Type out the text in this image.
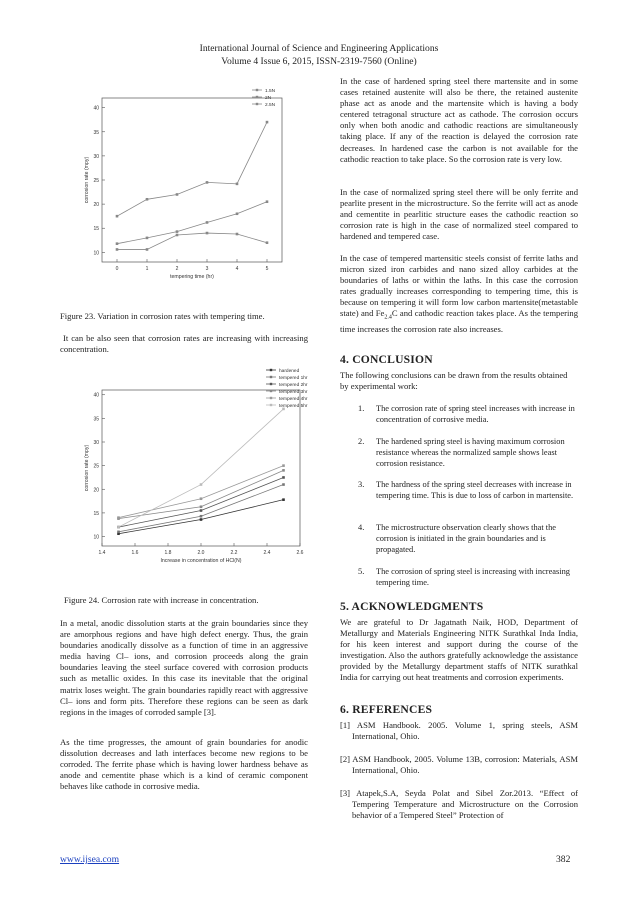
International Journal of Science and Engineering Applications
Volume 4 Issue 6, 2015, ISSN-2319-7560 (Online)
10
15
20
25
30
35
40
0	1	2	3	4	5
tempering time (hr)
corrosion rate (mpy)
1.5N
2N
2.5N
Figure 23. Variation in corrosion rates with tempering time.

It can be also seen that corrosion rates are increasing with increasing concentration.

10
15
20
25
30
35
40
1.4	1.6	1.8	2.0	2.2	2.4	2.6
Increase in concentration of HCl(N)
corrosion rate (mpy)
hardened
tempered 1hr
tempered 2hr
tempered 3hr
tempered 4hr
tempered 5hr
Figure 24. Corrosion rate with increase in concentration.

In a metal, anodic dissolution starts at the grain boundaries since they are amorphous regions and have high defect energy. Thus, the grain boundaries anodically dissolve as a function of time in an aggressive media having Cl– ions, and corrosion proceeds along the grain boundaries leaving the steel surface covered with corrosion products such as metallic oxides. In this case its inevitable that the original matrix loses weight. The grain boundaries rapidly react with aggressive Cl– ions and form pits. Therefore these regions can be seen as dark regions in the images of corroded sample [3].

As the time progresses, the amount of grain boundaries for anodic dissolution decreases and lath interfaces become new regions to be corroded. The ferrite phase which is having lower hardness behave as anode and cementite phase which is a kind of ceramic component behaves like cathode in corrosive media.

In the case of hardened spring steel there martensite and in some cases retained austenite will also be there, the retained austenite phase act as anode and the martensite which is having a body centered tetragonal structure act as cathode. The corrosion occurs only when both anodic and cathodic reactions are simultaneously taking place. If any of the reaction is delayed the corrosion rate decreases. In hardened case the carbon is not available for the cathodic reaction to take place. So the corrosion rate is very low.

In the case of normalized spring steel there will be only ferrite and pearlite present in the microstructure. So the ferrite will act as anode and cementite in pearlitic structure eases the cathodic reaction so corrosion rate is high in the case of normalized steel compared to hardened and tempered case.

In the case of tempered martensitic steels consist of ferrite laths and micron sized iron carbides and nano sized alloy carbides at the boundaries of laths or within the laths. In this case the corrosion rates gradually increases corresponding to tempering time, this is because on tempering it will form low carbon martensite(metastable state) and $Fe_{2.4}C$ and cathodic reaction takes place. As the tempering time increases the corrosion rate also increases.

4. CONCLUSION

The following conclusions can be drawn from the results obtained by experimental work:

1. The corrosion rate of spring steel increases with increase in concentration of corrosive media.
2. The hardened spring steel is having maximum corrosion resistance whereas the normalized sample shows least corrosion resistance.
3. The hardness of the spring steel decreases with increase in tempering time. This is due to loss of carbon in martensite.
4. The microstructure observation clearly shows that the corrosion is initiated in the grain boundaries and is propagated.
5. The corrosion of spring steel is increasing with increasing tempering time.
5. ACKNOWLEDGMENTS

We are grateful to Dr Jagatnath Naik, HOD, Department of Metallurgy and Materials Engineering NITK Surathkal Inda India, for his keen interest and support during the course of the investigation. Also the authors gratefully acknowledge the assistance provided by the Metallurgy department staffs of NITK surathkal India for carrying out heat treatments and corrosion experiments.

6. REFERENCES
[1] ASM Handbook. 2005. Volume 1, spring steels, ASM International, Ohio.
[2] ASM Handbook, 2005. Volume 13B, corrosion: Materials, ASM International, Ohio.
[3] Atapek,S.A, Seyda Polat and Sibel Zor.2013. “Effect of Tempering Temperature and Microstructure on the Corrosion behavior of a Tempered Steel” Protection of
www.ijsea.com	382
